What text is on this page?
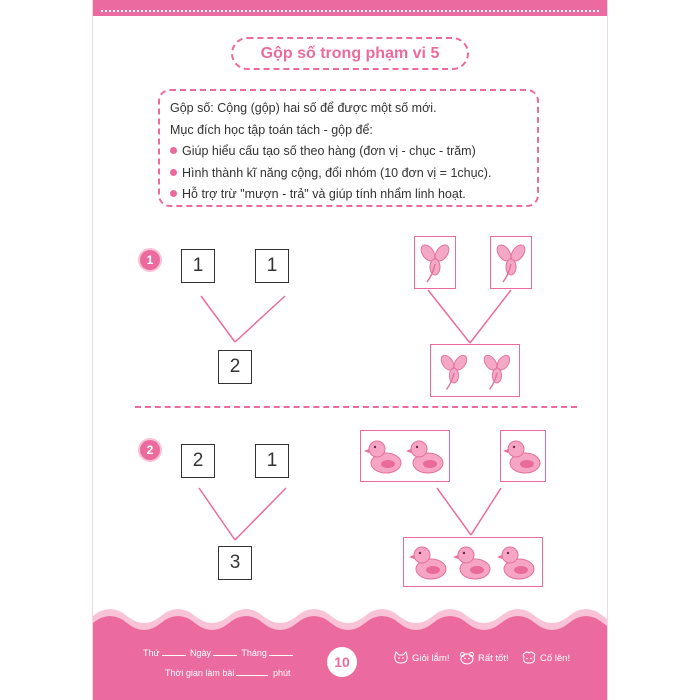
Gộp số trong phạm vi 5
Gộp số: Cộng (gộp) hai số để được một số mới.
Mục đích học tập toán tách - gộp để:
Giúp hiểu cấu tạo số theo hàng (đơn vị - chục - trăm)
Hình thành kĩ năng cộng, đổi nhóm (10 đơn vị = 1chục).
Hỗ trợ trừ "mượn - trả" và giúp tính nhẩm linh hoạt.
1	1	1
2
2	2	1
3
Thứ	Ngày	Tháng
Thời gian làm bài	phút
10	Giỏi lắm!	Rất tốt!	Cố lên!
